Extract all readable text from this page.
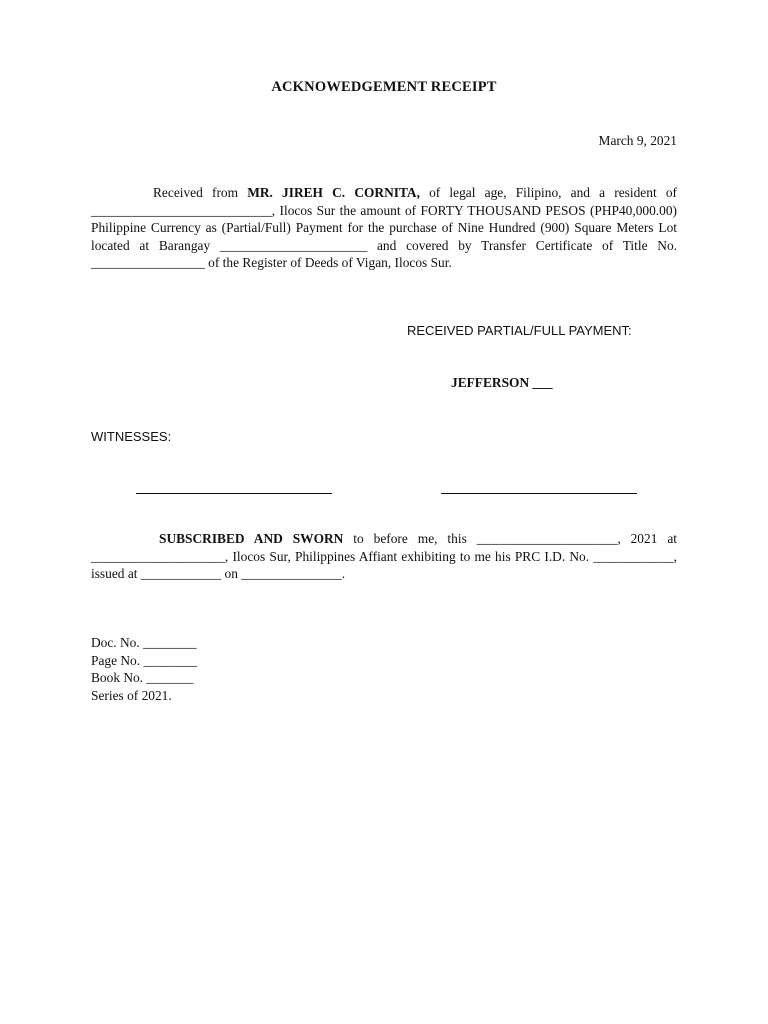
ACKNOWEDGEMENT RECEIPT
March 9, 2021
Received from MR. JIREH C. CORNITA, of legal age, Filipino, and a resident of ___________________________, Ilocos Sur the amount of FORTY THOUSAND PESOS (PHP40,000.00) Philippine Currency as (Partial/Full) Payment for the purchase of Nine Hundred (900) Square Meters Lot located at Barangay ______________________ and covered by Transfer Certificate of Title No. _________________ of the Register of Deeds of Vigan, Ilocos Sur.
RECEIVED PARTIAL/FULL PAYMENT:
JEFFERSON ___
WITNESSES:
SUBSCRIBED AND SWORN to before me, this _____________________, 2021 at ____________________, Ilocos Sur, Philippines Affiant exhibiting to me his PRC I.D. No. ____________, issued at ____________ on _______________.
Doc. No. ________
Page No. ________
Book No. _______
Series of 2021.
